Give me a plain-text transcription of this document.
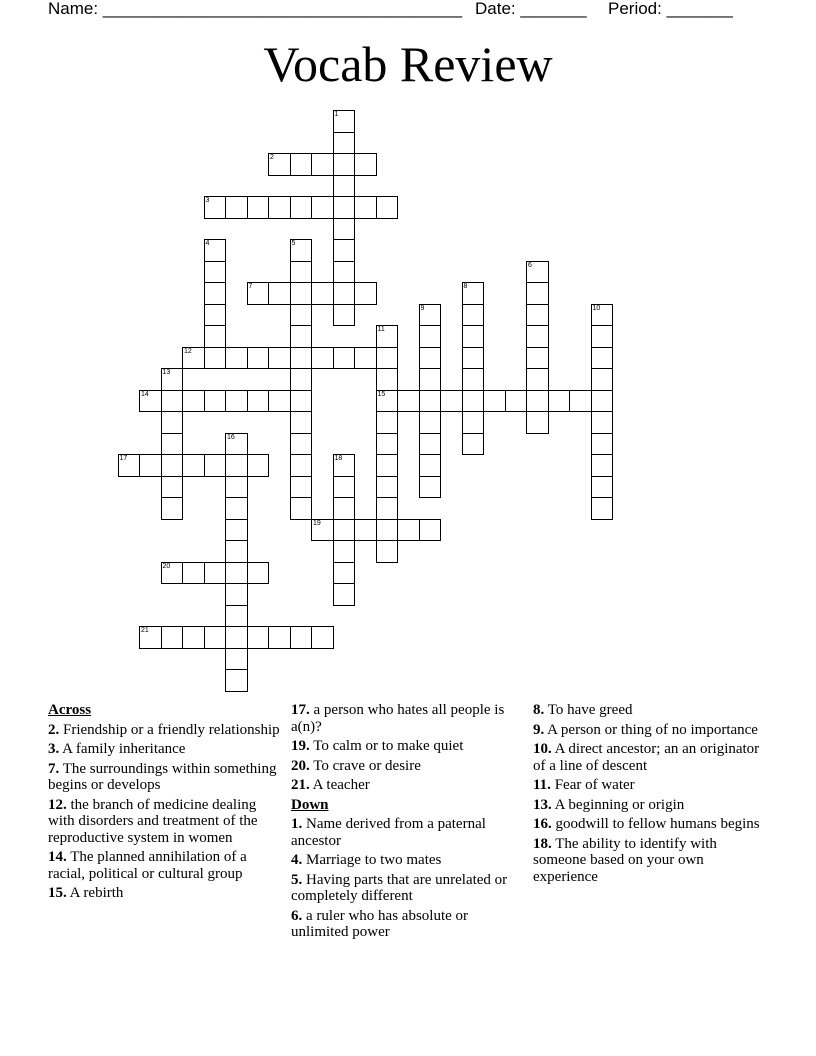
Name: ______________________________________ Date: _______ Period: _______
Vocab Review
1
2
3
4	5
6
7	8
9	10
11
15
12
13
14
16
17	18
19
20
21
Across
2. Friendship or a friendly relationship
3. A family inheritance
7. The surroundings within something begins or develops
12. the branch of medicine dealing with disorders and treatment of the reproductive system in women
14. The planned annihilation of a racial, political or cultural group
15. A rebirth
17. a person who hates all people is a(n)?
19. To calm or to make quiet
20. To crave or desire
21. A teacher
Down
1. Name derived from a paternal ancestor
4. Marriage to two mates
5. Having parts that are unrelated or completely different
6. a ruler who has absolute or unlimited power
8. To have greed
9. A person or thing of no importance
10. A direct ancestor; an an originator of a line of descent
11. Fear of water
13. A beginning or origin
16. goodwill to fellow humans begins
18. The ability to identify with someone based on your own experience
